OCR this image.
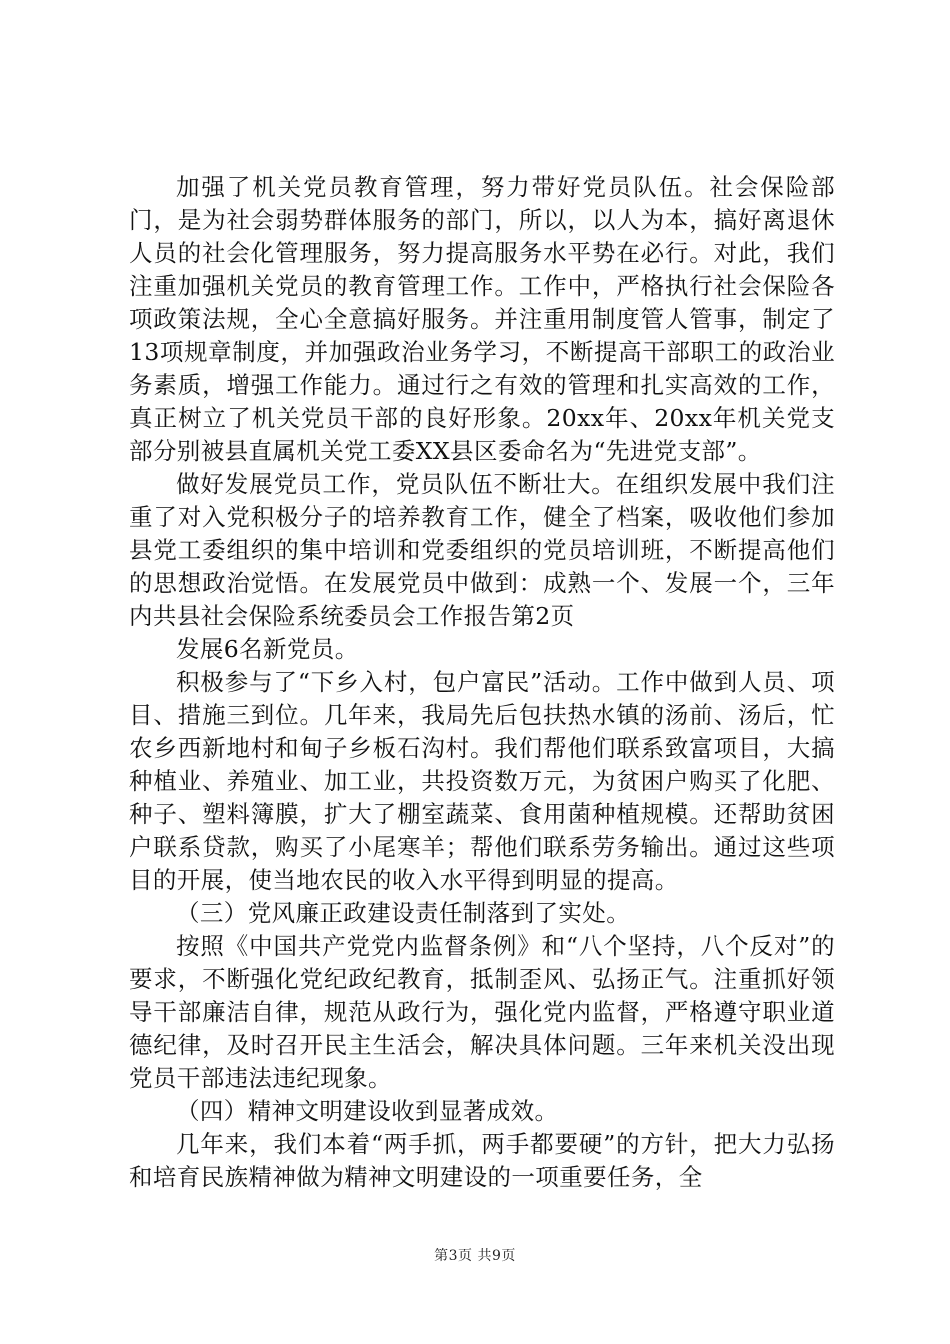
加强了机关党员教育管理，努力带好党员队伍。社会保险部门，是为社会弱势群体服务的部门，所以，以人为本，搞好离退休人员的社会化管理服务，努力提高服务水平势在必行。对此，我们注重加强机关党员的教育管理工作。工作中，严格执行社会保险各项政策法规，全心全意搞好服务。并注重用制度管人管事，制定了13项规章制度，并加强政治业务学习，不断提高干部职工的政治业务素质，增强工作能力。通过行之有效的管理和扎实高效的工作，真正树立了机关党员干部的良好形象。20xx年、20xx年机关党支部分别被县直属机关党工委XX县区委命名为“先进党支部”。

做好发展党员工作，党员队伍不断壮大。在组织发展中我们注重了对入党积极分子的培养教育工作，健全了档案，吸收他们参加县党工委组织的集中培训和党委组织的党员培训班，不断提高他们的思想政治觉悟。在发展党员中做到：成熟一个、发展一个，三年内共县社会保险系统委员会工作报告第2页

发展6名新党员。

积极参与了“下乡入村，包户富民”活动。工作中做到人员、项目、措施三到位。几年来，我局先后包扶热水镇的汤前、汤后，忙农乡西新地村和甸子乡板石沟村。我们帮他们联系致富项目，大搞种植业、养殖业、加工业，共投资数万元，为贫困户购买了化肥、种子、塑料簿膜，扩大了棚室蔬菜、食用菌种植规模。还帮助贫困户联系贷款，购买了小尾寒羊；帮他们联系劳务输出。通过这些项目的开展，使当地农民的收入水平得到明显的提高。

（三）党风廉正政建设责任制落到了实处。

按照《中国共产党党内监督条例》和“八个坚持，八个反对”的要求，不断强化党纪政纪教育，抵制歪风、弘扬正气。注重抓好领导干部廉洁自律，规范从政行为，强化党内监督，严格遵守职业道德纪律，及时召开民主生活会，解决具体问题。三年来机关没出现党员干部违法违纪现象。

（四）精神文明建设收到显著成效。

几年来，我们本着“两手抓，两手都要硬”的方针，把大力弘扬和培育民族精神做为精神文明建设的一项重要任务，全

第3页 共9页
